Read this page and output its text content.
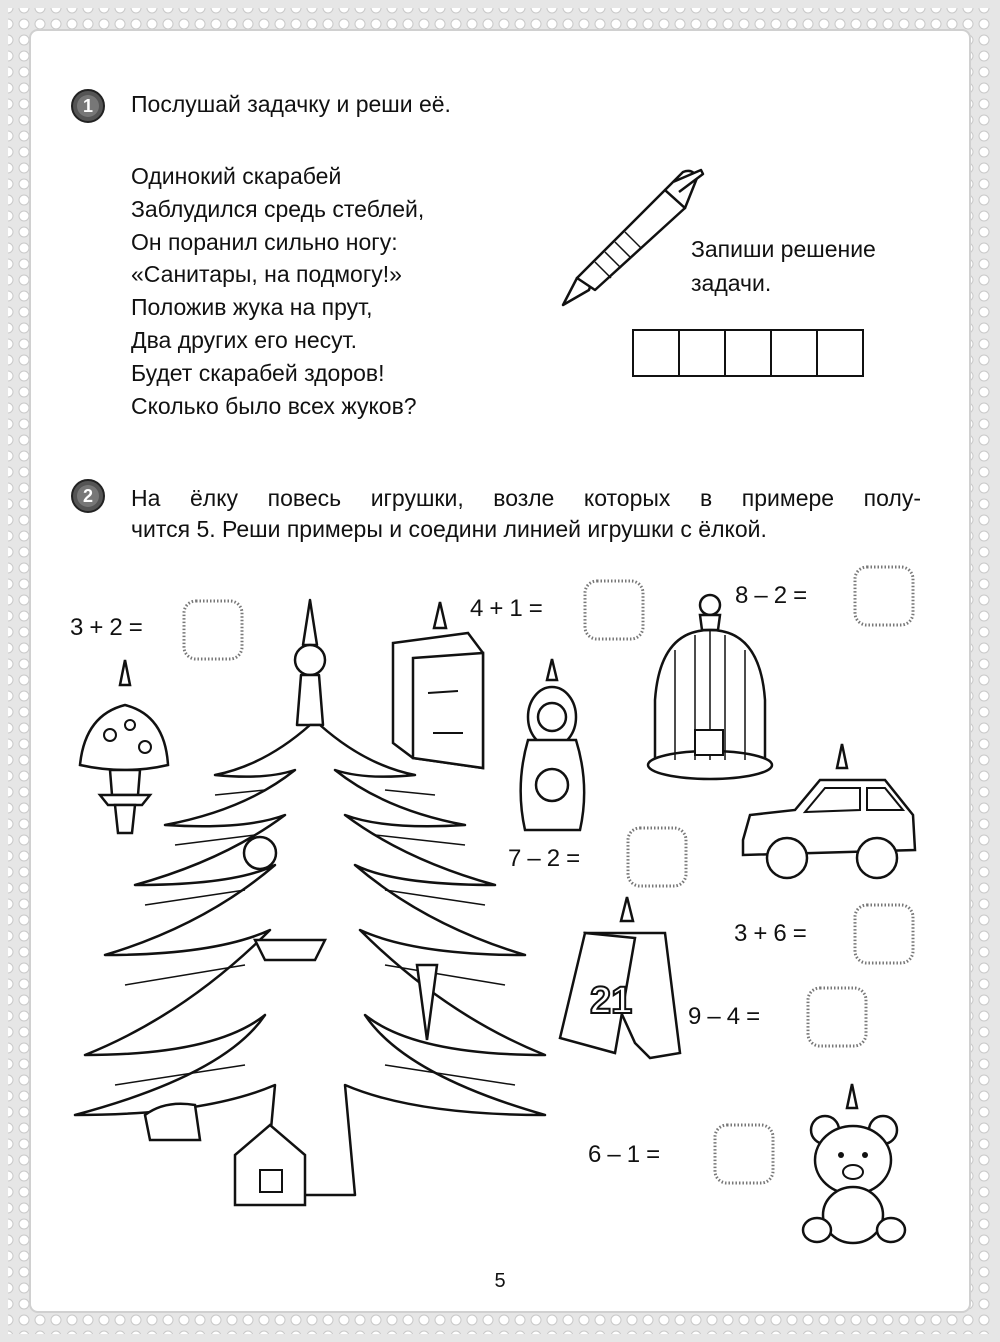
1	Послушай задачку и реши её.
Одинокий скарабей
Заблудился средь стеблей,
Он поранил сильно ногу:
«Санитары, на подмогу!»
Положив жука на прут,
Два других его несут.
Будет скарабей здоров!
Сколько было всех жуков?
Запиши решение
задачи.
2	На ёлку повесь игрушки, возле которых в примере полу-
чится 5. Реши примеры и соедини линией игрушки с ёлкой.
3 + 2 =
4 + 1 =	8 – 2 =
7 – 2 =
3 + 6 =
9 – 4 =
6 – 1 =
21
5
